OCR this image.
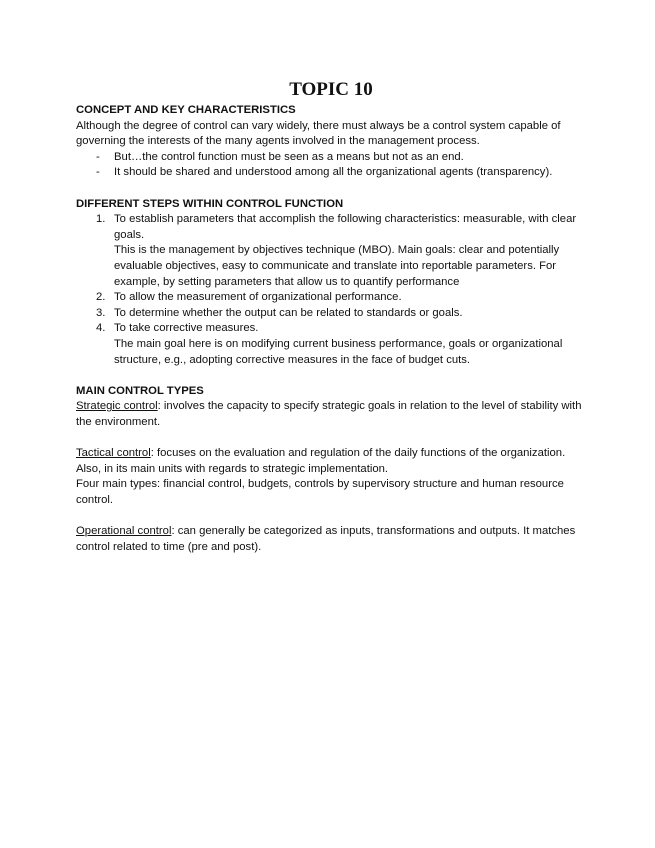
TOPIC 10
CONCEPT AND KEY CHARACTERISTICS

Although the degree of control can vary widely, there must always be a control system capable of governing the interests of the many agents involved in the management process.

- But…the control function must be seen as a means but not as an end.
- It should be shared and understood among all the organizational agents (transparency).
DIFFERENT STEPS WITHIN CONTROL FUNCTION
1. To establish parameters that accomplish the following characteristics: measurable, with clear goals.

This is the management by objectives technique (MBO). Main goals: clear and potentially evaluable objectives, easy to communicate and translate into reportable parameters. For example, by setting parameters that allow us to quantify performance

2. To allow the measurement of organizational performance.
3. To determine whether the output can be related to standards or goals.
4. To take corrective measures.

The main goal here is on modifying current business performance, goals or organizational structure, e.g., adopting corrective measures in the face of budget cuts.

MAIN CONTROL TYPES

Strategic control: involves the capacity to specify strategic goals in relation to the level of stability with the environment.

Tactical control: focuses on the evaluation and regulation of the daily functions of the organization. Also, in its main units with regards to strategic implementation.

Four main types: financial control, budgets, controls by supervisory structure and human resource control.

Operational control: can generally be categorized as inputs, transformations and outputs. It matches control related to time (pre and post).
